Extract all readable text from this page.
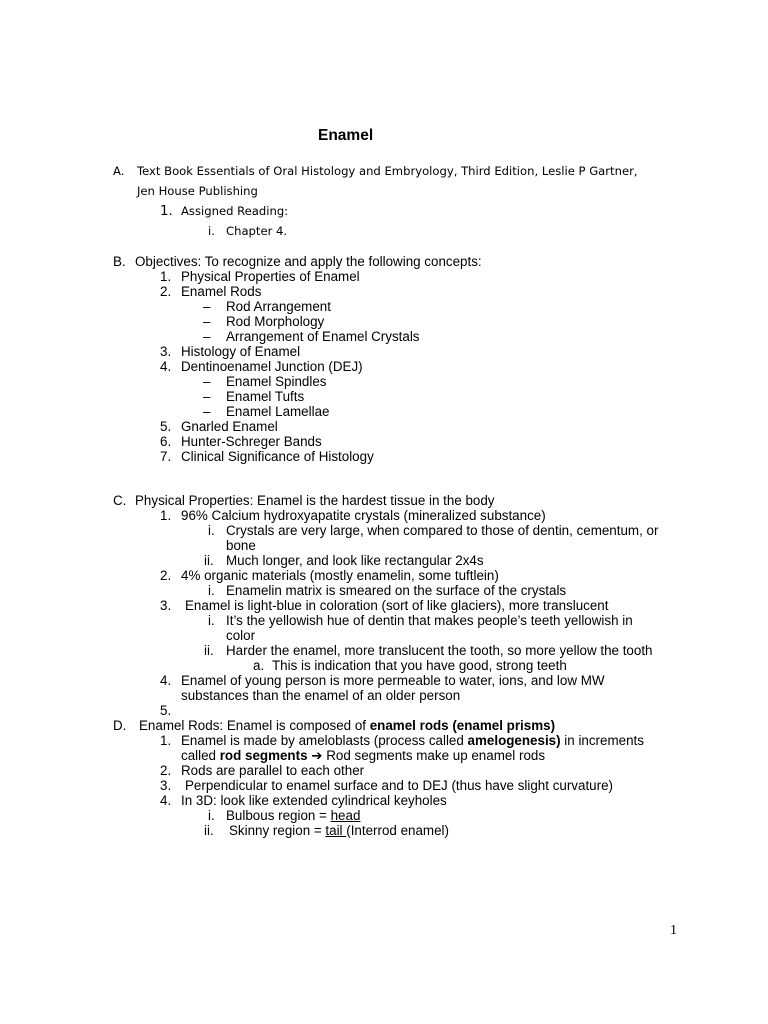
Enamel
A. Text Book Essentials of Oral Histology and Embryology, Third Edition, Leslie P Gartner,
Jen House Publishing
1. Assigned Reading:
i. Chapter 4.
B. Objectives: To recognize and apply the following concepts:
1. Physical Properties of Enamel
2. Enamel Rods
– Rod Arrangement
– Rod Morphology
– Arrangement of Enamel Crystals
3. Histology of Enamel
4. Dentinoenamel Junction (DEJ)
– Enamel Spindles
– Enamel Tufts
– Enamel Lamellae
5. Gnarled Enamel
6. Hunter-Schreger Bands
7. Clinical Significance of Histology
C. Physical Properties: Enamel is the hardest tissue in the body
1. 96% Calcium hydroxyapatite crystals (mineralized substance)
i. Crystals are very large, when compared to those of dentin, cementum, or
bone
ii. Much longer, and look like rectangular 2x4s
2. 4% organic materials (mostly enamelin, some tuftlein)
i. Enamelin matrix is smeared on the surface of the crystals
3. Enamel is light-blue in coloration (sort of like glaciers), more translucent
i. It’s the yellowish hue of dentin that makes people’s teeth yellowish in
color
ii. Harder the enamel, more translucent the tooth, so more yellow the tooth
a. This is indication that you have good, strong teeth
4. Enamel of young person is more permeable to water, ions, and low MW
substances than the enamel of an older person
5.
D. Enamel Rods: Enamel is composed of enamel rods (enamel prisms)
1. Enamel is made by ameloblasts (process called amelogenesis) in increments
called rod segments ➔ Rod segments make up enamel rods
2. Rods are parallel to each other
3. Perpendicular to enamel surface and to DEJ (thus have slight curvature)
4. In 3D: look like extended cylindrical keyholes
i. Bulbous region = head
ii. Skinny region = tail (Interrod enamel)
1
